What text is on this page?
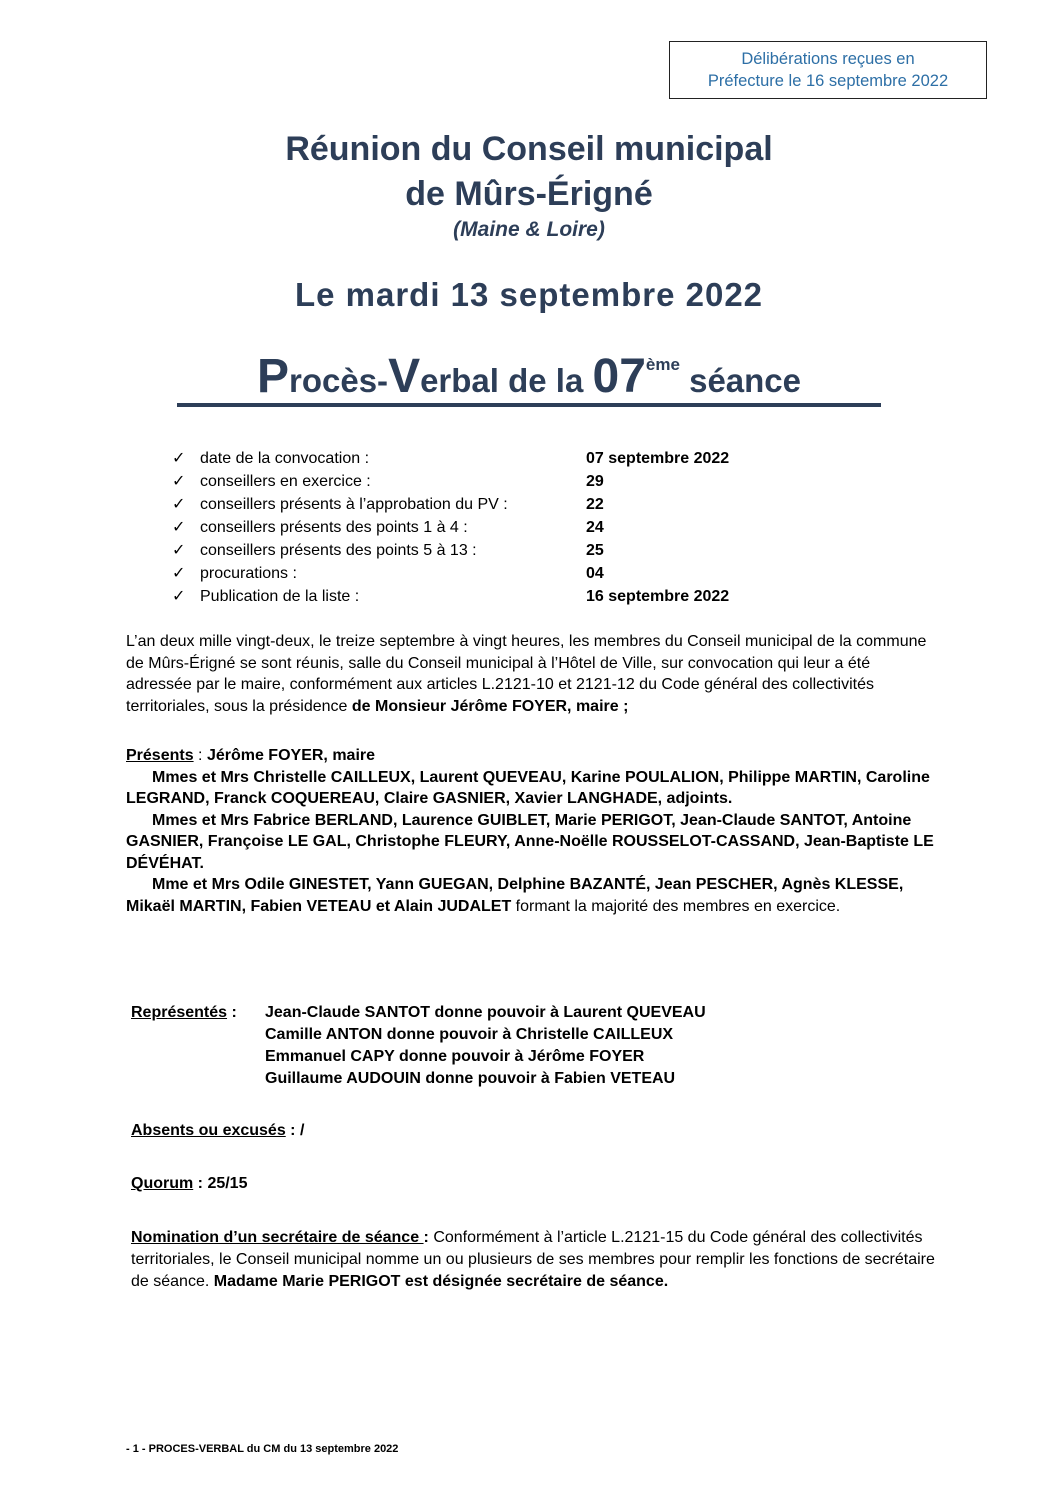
Délibérations reçues en
Préfecture le 16 septembre 2022
Réunion du Conseil municipal
de Mûrs-Érigné
(Maine & Loire)
Le mardi 13 septembre 2022
Procès-Verbal de la 07ème séance
✓ date de la convocation :	07 septembre 2022
✓ conseillers en exercice :	29
✓ conseillers présents à l’approbation du PV :	22
✓ conseillers présents des points 1 à 4 :	24
✓ conseillers présents des points 5 à 13 :	25
✓ procurations :	04
✓ Publication de la liste :	16 septembre 2022
L’an deux mille vingt-deux, le treize septembre à vingt heures, les membres du Conseil municipal de la commune de Mûrs-Érigné se sont réunis, salle du Conseil municipal à l’Hôtel de Ville, sur convocation qui leur a été adressée par le maire, conformément aux articles L.2121-10 et 2121-12 du Code général des collectivités territoriales, sous la présidence de Monsieur Jérôme FOYER, maire ;
Présents : Jérôme FOYER, maire
Mmes et Mrs Christelle CAILLEUX, Laurent QUEVEAU, Karine POULALION, Philippe MARTIN, Caroline LEGRAND, Franck COQUEREAU, Claire GASNIER, Xavier LANGHADE, adjoints.
Mmes et Mrs Fabrice BERLAND, Laurence GUIBLET, Marie PERIGOT, Jean-Claude SANTOT, Antoine GASNIER, Françoise LE GAL, Christophe FLEURY, Anne-Noëlle ROUSSELOT-CASSAND, Jean-Baptiste LE DÉVÉHAT.
Mme et Mrs Odile GINESTET, Yann GUEGAN, Delphine BAZANTÉ, Jean PESCHER, Agnès KLESSE, Mikaël MARTIN, Fabien VETEAU et Alain JUDALET formant la majorité des membres en exercice.
Représentés : Jean-Claude SANTOT donne pouvoir à Laurent QUEVEAU
Camille ANTON donne pouvoir à Christelle CAILLEUX
Emmanuel CAPY donne pouvoir à Jérôme FOYER
Guillaume AUDOUIN donne pouvoir à Fabien VETEAU
Absents ou excusés : /
Quorum : 25/15
Nomination d’un secrétaire de séance : Conformément à l’article L.2121-15 du Code général des collectivités territoriales, le Conseil municipal nomme un ou plusieurs de ses membres pour remplir les fonctions de secrétaire de séance. Madame Marie PERIGOT est désignée secrétaire de séance.
- 1 - PROCES-VERBAL du CM du 13 septembre 2022
